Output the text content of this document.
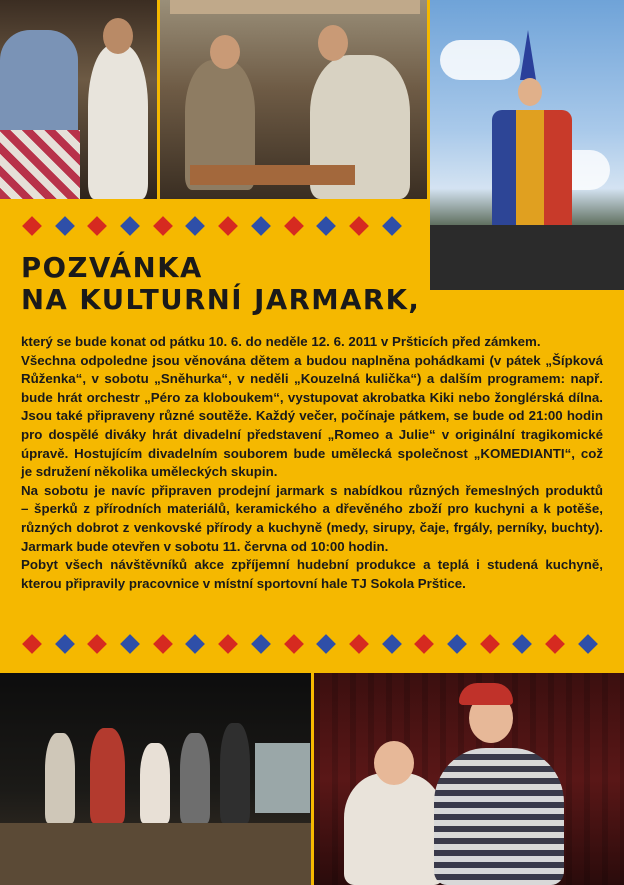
POZVÁNKA
NA KULTURNÍ JARMARK,

který se bude konat od pátku 10. 6. do neděle 12. 6. 2011 v Pršticích před zámkem.

Všechna odpoledne jsou věnována dětem a budou naplněna pohádkami (v pátek „Šípková

Růženka“, v sobotu „Sněhurka“, v neděli „Kouzelná kulička“) a dalším programem: např.

bude hrát orchestr „Péro za kloboukem“, vystupovat akrobatka Kiki nebo žonglérská dílna.

Jsou také připraveny různé soutěže. Každý večer, počínaje pátkem, se bude od 21:00 hodin

pro dospělé diváky hrát divadelní představení „Romeo a Julie“ v originální tragikomické

úpravě. Hostujícím divadelním souborem bude umělecká společnost „KOMEDIANTI“, což

je sdružení několika uměleckých skupin.

Na sobotu je navíc připraven prodejní jarmark s nabídkou různých řemeslných produktů

– šperků z přírodních materiálů, keramického a dřevěného zboží pro kuchyni a k potěše,

různých dobrot z venkovské přírody a kuchyně (medy, sirupy, čaje, frgály, perníky, buchty).

Jarmark bude otevřen v sobotu 11. června od 10:00 hodin.

Pobyt všech návštěvníků akce zpříjemní hudební produkce a teplá i studená kuchyně,

kterou připravily pracovnice v místní sportovní hale TJ Sokola Prštice.
